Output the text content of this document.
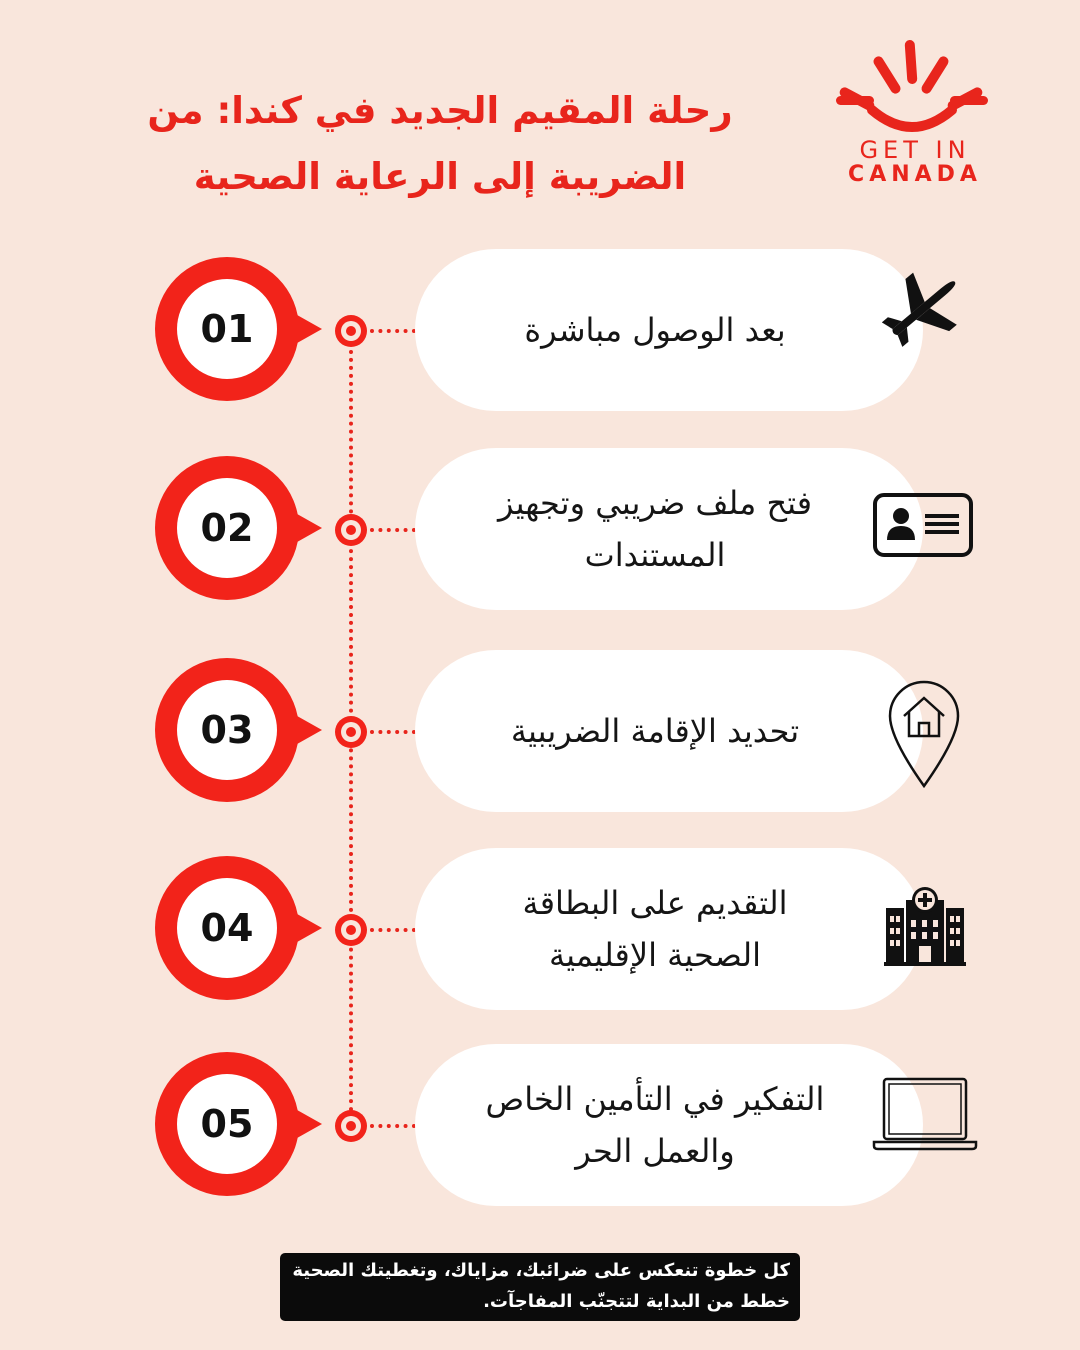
رحلة المقيم الجديد في كندا: من الضريبة إلى الرعاية الصحية
GET IN
CANADA
01	بعد الوصول مباشرة
02
فتح ملف ضريبي وتجهيز المستندات
03	تحديد الإقامة الضريبية
04
التقديم على البطاقة الصحية الإقليمية
05
التفكير في التأمين الخاص والعمل الحر
كل خطوة تنعكس على ضرائبك، مزاياك، وتغطيتك الصحية خطط من البداية لتتجنّب المفاجآت.
